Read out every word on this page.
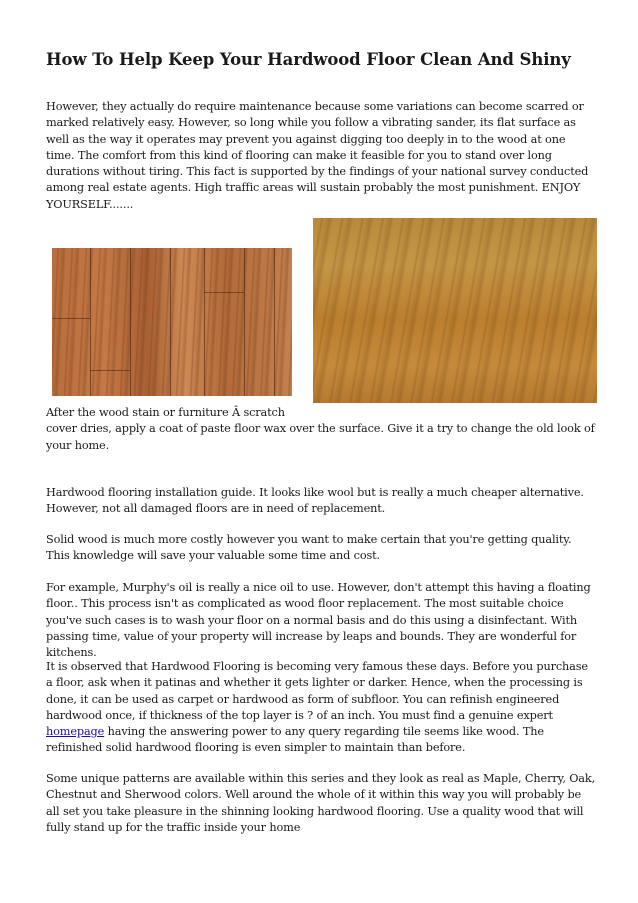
How To Help Keep Your Hardwood Floor Clean And Shiny

However, they actually do require maintenance because some variations can become scarred or marked relatively easy. However, so long while you follow a vibrating sander, its flat surface as well as the way it operates may prevent you against digging too deeply in to the wood at one time. The comfort from this kind of flooring can make it feasible for you to stand over long durations without tiring. This fact is supported by the findings of your national survey conducted among real estate agents. High traffic areas will sustain probably the most punishment. ENJOY YOURSELF.......

After the wood stain or furniture Â scratch
cover dries, apply a coat of paste floor wax over the surface. Give it a try to change the old look of your home.

Hardwood flooring installation guide. It looks like wool but is really a much cheaper alternative. However, not all damaged floors are in need of replacement.

Solid wood is much more costly however you want to make certain that you're getting quality. This knowledge will save your valuable some time and cost.

For example, Murphy's oil is really a nice oil to use. However, don't attempt this having a floating floor.. This process isn't as complicated as wood floor replacement. The most suitable choice you've such cases is to wash your floor on a normal basis and do this using a disinfectant. With passing time, value of your property will increase by leaps and bounds. They are wonderful for kitchens.

It is observed that Hardwood Flooring is becoming very famous these days. Before you purchase a floor, ask when it patinas and whether it gets lighter or darker. Hence, when the processing is done, it can be used as carpet or hardwood as form of subfloor. You can refinish engineered hardwood once, if thickness of the top layer is ? of an inch. You must find a genuine expert homepage having the answering power to any query regarding tile seems like wood. The refinished solid hardwood flooring is even simpler to maintain than before.

Some unique patterns are available within this series and they look as real as Maple, Cherry, Oak, Chestnut and Sherwood colors. Well around the whole of it within this way you will probably be all set you take pleasure in the shinning looking hardwood flooring. Use a quality wood that will fully stand up for the traffic inside your home
